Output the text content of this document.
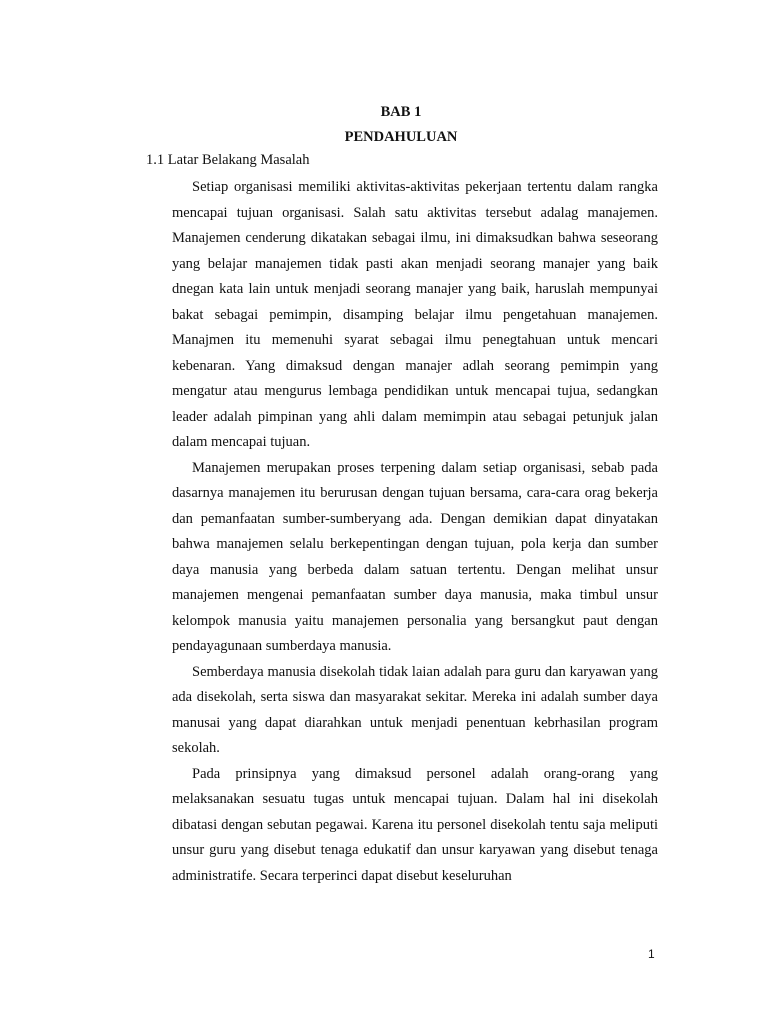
BAB 1
PENDAHULUAN
1.1 Latar Belakang Masalah

Setiap organisasi memiliki aktivitas-aktivitas pekerjaan tertentu dalam rangka mencapai tujuan organisasi. Salah satu aktivitas tersebut adalag manajemen. Manajemen cenderung dikatakan sebagai ilmu, ini dimaksudkan bahwa seseorang yang belajar manajemen tidak pasti akan menjadi seorang manajer yang baik dnegan kata lain untuk menjadi seorang manajer yang baik, haruslah mempunyai bakat sebagai pemimpin, disamping belajar ilmu pengetahuan manajemen. Manajmen itu memenuhi syarat sebagai ilmu penegtahuan untuk mencari kebenaran. Yang dimaksud dengan manajer adlah seorang pemimpin yang mengatur atau mengurus lembaga pendidikan untuk mencapai tujua, sedangkan leader adalah pimpinan yang ahli dalam memimpin atau sebagai petunjuk jalan dalam mencapai tujuan.

Manajemen merupakan proses terpening dalam setiap organisasi, sebab pada dasarnya manajemen itu berurusan dengan tujuan bersama, cara-cara orag bekerja dan pemanfaatan sumber-sumberyang ada. Dengan demikian dapat dinyatakan bahwa manajemen selalu berkepentingan dengan tujuan, pola kerja dan sumber daya manusia yang berbeda dalam satuan tertentu. Dengan melihat unsur manajemen mengenai pemanfaatan sumber daya manusia, maka timbul unsur kelompok manusia yaitu manajemen personalia yang bersangkut paut dengan pendayagunaan sumberdaya manusia.

Semberdaya manusia disekolah tidak laian adalah para guru dan karyawan yang ada disekolah, serta siswa dan masyarakat sekitar. Mereka ini adalah sumber daya manusai yang dapat diarahkan untuk menjadi penentuan kebrhasilan program sekolah.

Pada prinsipnya yang dimaksud personel adalah orang-orang yang melaksanakan sesuatu tugas untuk mencapai tujuan. Dalam hal ini disekolah dibatasi dengan sebutan pegawai. Karena itu personel disekolah tentu saja meliputi unsur guru yang disebut tenaga edukatif dan unsur karyawan yang disebut tenaga administratife. Secara terperinci dapat disebut keseluruhan

1
